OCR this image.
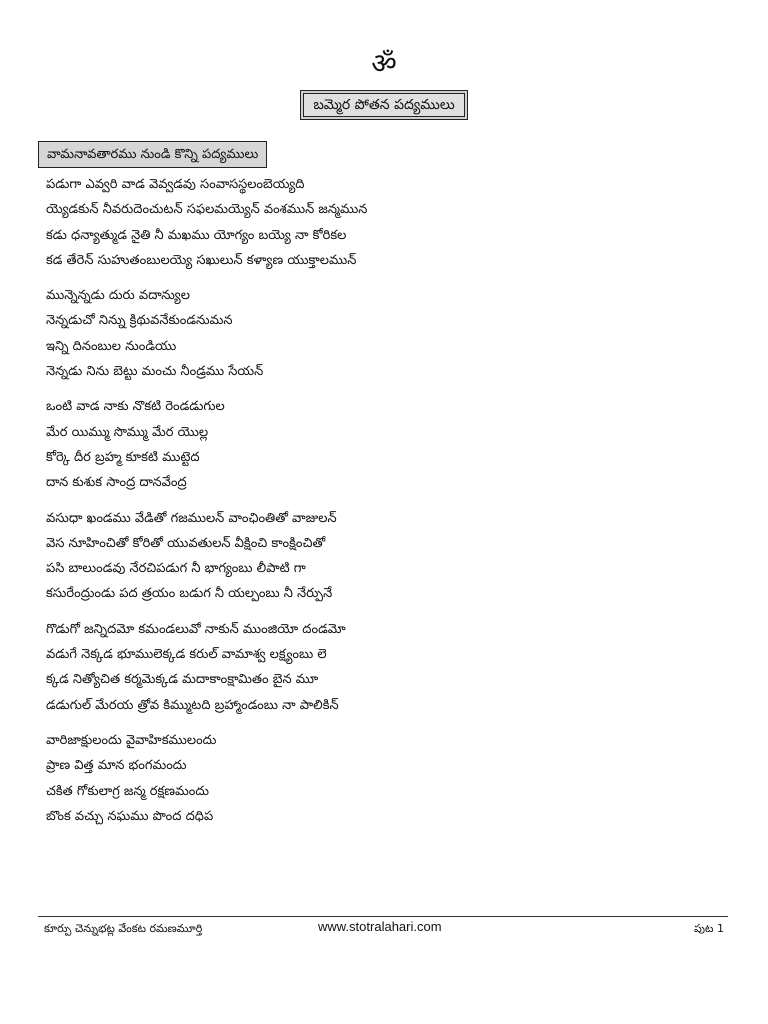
ॐ
బమ్మెర పోతన పద్యములు
వామనావతారము నుండి కొన్ని పద్యములు
పడుగా ఎవ్వరి వాడ వెవ్వడవు సంవాసస్థలంబెయ్యది
య్యెడకున్ నీవరుదెంచుటన్ సఫలమయ్యెన్ వంశమున్ జన్మమున
కడు ధన్యాత్ముడ నైతి నీ మఖము యోగ్యం బయ్యె నా కోరికల
కడ తేరెన్ సుహుతంబులయ్యె సఖులున్ కళ్యాణ యుక్తాలమున్
మున్నెన్నడు దురు వదాన్యుల
నెన్నడుచో నిన్ను క్రిథువనేకుండనుమన
ఇన్ని దినంబుల నుండియు
నెన్నడు నిను బెట్టు మంచు నీండ్రము సేయన్
ఒంటి వాడ నాకు నొకటి రెండడుగుల
మేర యిమ్ము సొమ్ము మేర యొల్ల
కోర్కె దీర బ్రహ్మ కూకటి ముట్టెద
దాన కుశుక సాంద్ర దానవేంద్ర
వసుధా ఖండము వేడితో గజములన్ వాంఛింతితో వాజులన్
వెస నూహించితో కోరితో యువతులన్ వీక్షించి కాంక్షించితో
పసి బాలుండవు నేరచిపడుగ నీ భాగ్యంబు లీపాటి గా
కసురేంద్రుండు పద త్రయం బడుగ నీ యల్పంబు నీ నేర్పునే
గొడుగో జన్నిదమో కమండలువో నాకున్ ముంజియో దండమో
వడుగే నెక్కడ భూములెక్కడ కరుల్ వామాశ్వ లక్ష్యంబు లె
క్కడ నిత్యోచిత కర్మమెక్కడ మదాకాంక్షామితం బైన మూ
డడుగుల్ మేరయ త్రోవ కిమ్ముటది బ్రహ్మాండంబు నా పాలికిన్
వారిజాక్షులందు వైవాహికములందు
ప్రాణ విత్త మాన భంగమందు
చకిత గోకులాగ్ర జన్మ రక్షణమందు
బొంక వచ్చు నఘము పొంద దధిప
కూర్పు చెన్నుభట్ల వేంకట రమణమూర్తి	www.stotralahari.com	పుట 1
